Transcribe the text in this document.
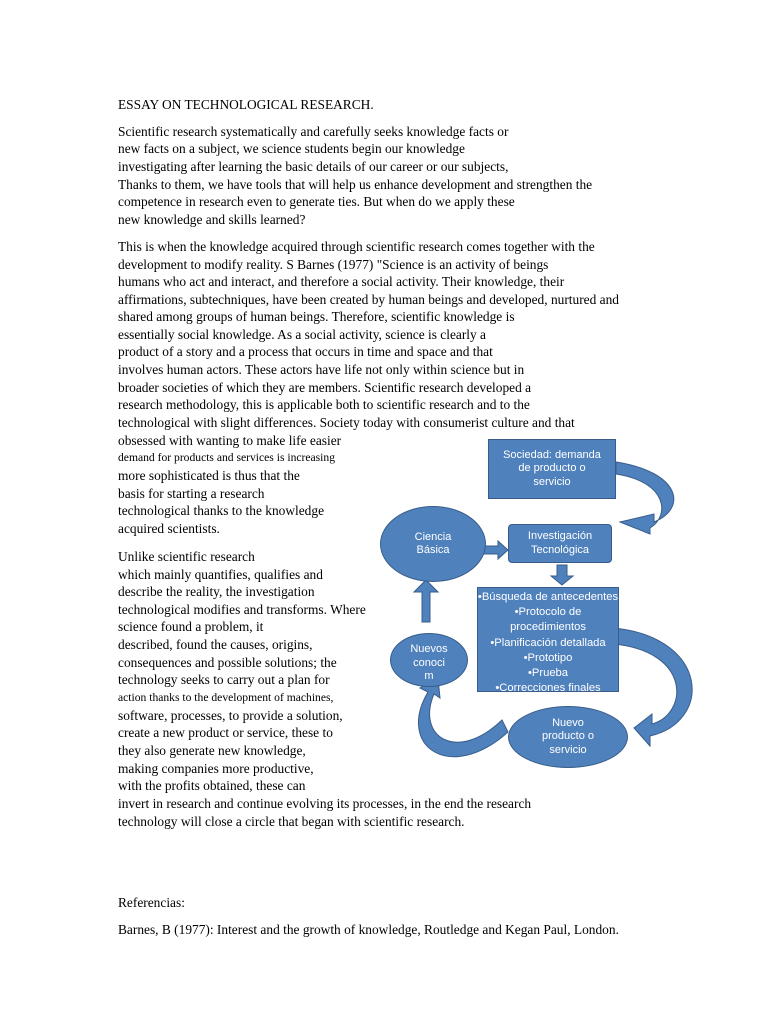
ESSAY ON TECHNOLOGICAL RESEARCH.

Scientific research systematically and carefully seeks knowledge facts or

new facts on a subject, we science students begin our knowledge

investigating after learning the basic details of our career or our subjects,

Thanks to them, we have tools that will help us enhance development and strengthen the

competence in research even to generate ties. But when do we apply these

new knowledge and skills learned?

This is when the knowledge acquired through scientific research comes together with the

development to modify reality. S Barnes (1977) "Science is an activity of beings

humans who act and interact, and therefore a social activity. Their knowledge, their

affirmations, subtechniques, have been created by human beings and developed, nurtured and

shared among groups of human beings. Therefore, scientific knowledge is

essentially social knowledge. As a social activity, science is clearly a

product of a story and a process that occurs in time and space and that

involves human actors. These actors have life not only within science but in

broader societies of which they are members. Scientific research developed a

research methodology, this is applicable both to scientific research and to the

technological with slight differences. Society today with consumerist culture and that

obsessed with wanting to make life easier

demand for products and services is increasing

more sophisticated is thus that the

basis for starting a research

technological thanks to the knowledge

acquired scientists.

Unlike scientific research

which mainly quantifies, qualifies and

describe the reality, the investigation

technological modifies and transforms. Where

science found a problem, it

described, found the causes, origins,

consequences and possible solutions; the

technology seeks to carry out a plan for

action thanks to the development of machines,

software, processes, to provide a solution,

create a new product or service, these to

they also generate new knowledge,

making companies more productive,

with the profits obtained, these can

invert in research and continue evolving its processes, in the end the research

technology will close a circle that began with scientific research.

Referencias:

Barnes, B (1977): Interest and the growth of knowledge, Routledge and Kegan Paul, London.

Sociedad: demanda
de producto o
servicio
Ciencia
Básica
Investigación
Tecnológica
•Búsqueda de antecedentes
•Protocolo de
procedimientos
•Planificación detallada
•Prototipo
•Prueba
•Correcciones finales
Nuevos
conoci
m
Nuevo
producto o
servicio
